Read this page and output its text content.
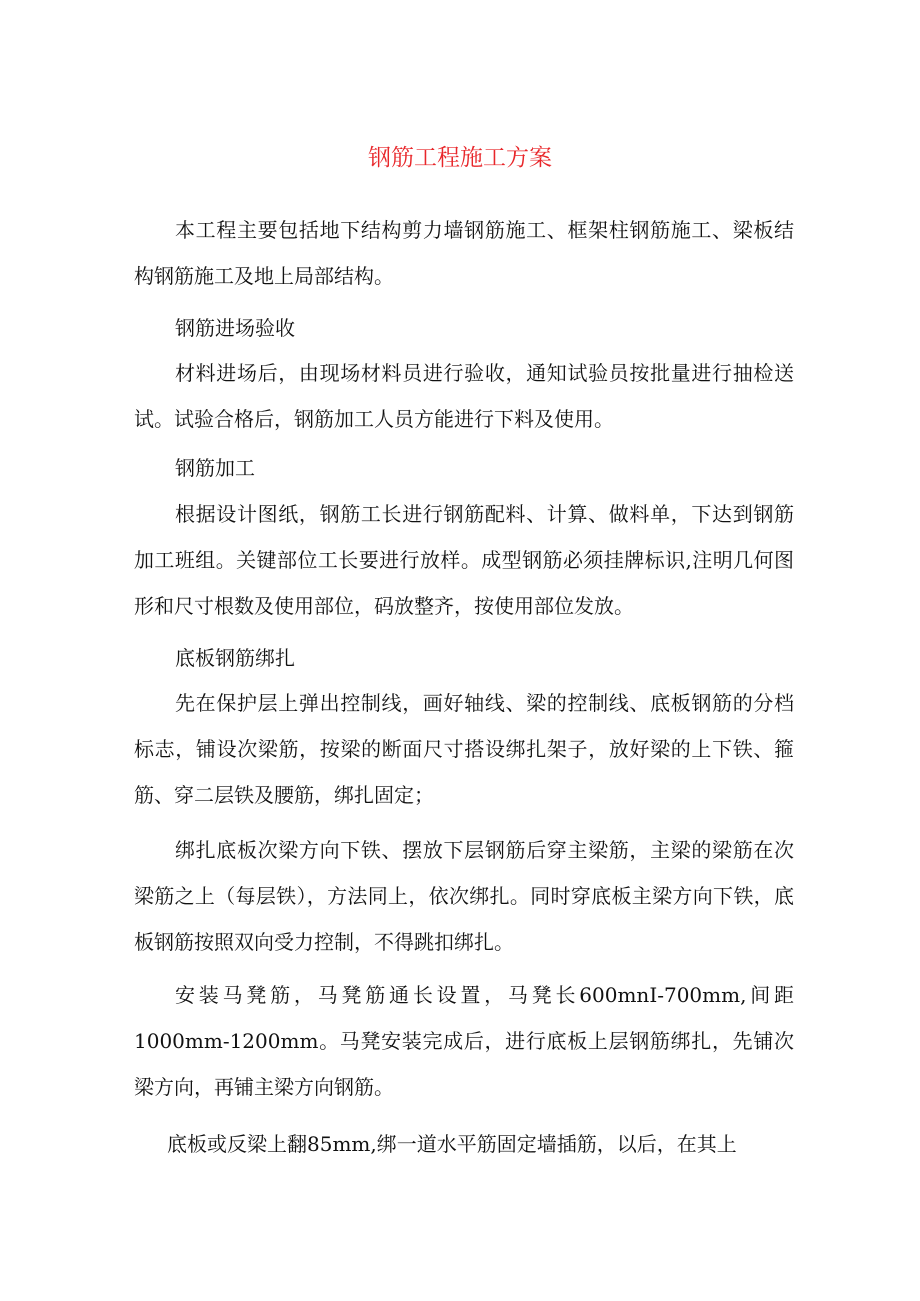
钢筋工程施工方案

本工程主要包括地下结构剪力墙钢筋施工、框架柱钢筋施工、梁板结构钢筋施工及地上局部结构。

钢筋进场验收

材料进场后，由现场材料员进行验收，通知试验员按批量进行抽检送试。试验合格后，钢筋加工人员方能进行下料及使用。

钢筋加工

根据设计图纸，钢筋工长进行钢筋配料、计算、做料单，下达到钢筋加工班组。关键部位工长要进行放样。成型钢筋必须挂牌标识,注明几何图形和尺寸根数及使用部位，码放整齐，按使用部位发放。

底板钢筋绑扎

先在保护层上弹出控制线，画好轴线、梁的控制线、底板钢筋的分档标志，铺设次梁筋，按梁的断面尺寸搭设绑扎架子，放好梁的上下铁、箍筋、穿二层铁及腰筋，绑扎固定；

绑扎底板次梁方向下铁、摆放下层钢筋后穿主梁筋，主梁的梁筋在次梁筋之上（每层铁），方法同上，依次绑扎。同时穿底板主梁方向下铁，底板钢筋按照双向受力控制，不得跳扣绑扎。

安装马凳筋，马凳筋通长设置，马凳长600mnI-700mm,间距1000mm-1200mm。马凳安装完成后，进行底板上层钢筋绑扎，先铺次梁方向，再铺主梁方向钢筋。

底板或反梁上翻85mm,绑一道水平筋固定墙插筋，以后，在其上
